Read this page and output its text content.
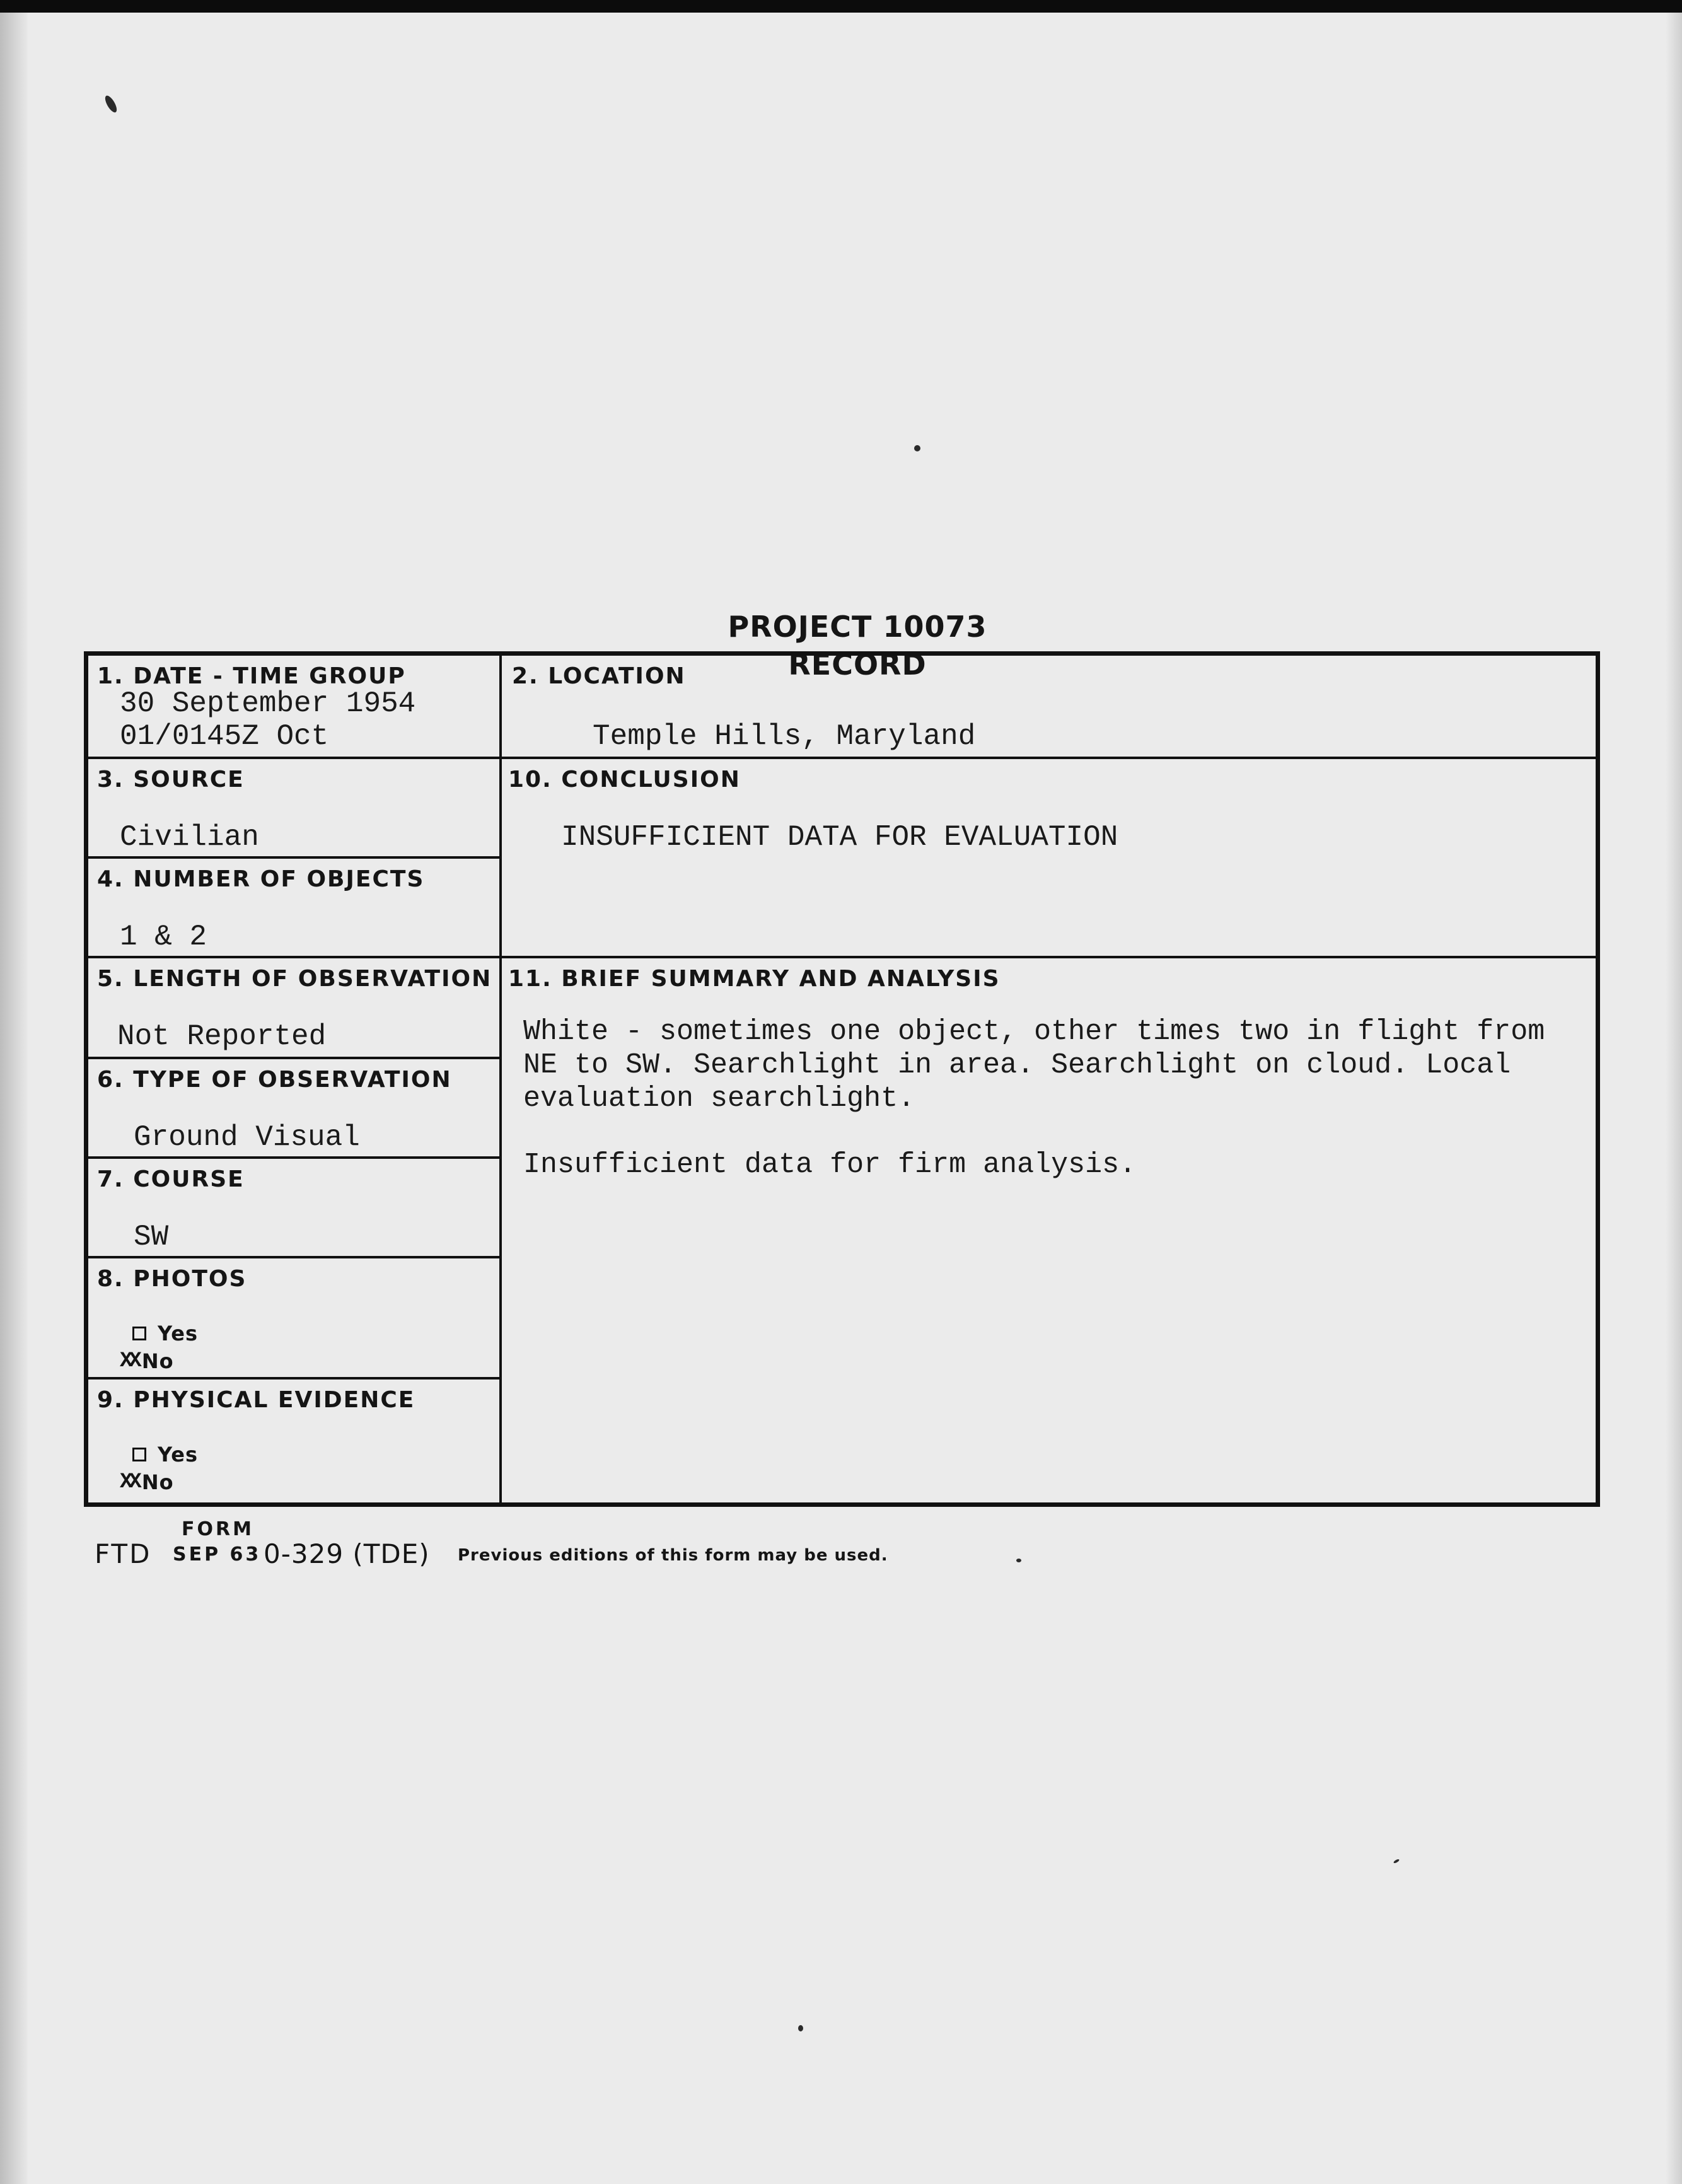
PROJECT 10073 RECORD
1. DATE - TIME GROUP
30 September 1954
01/0145Z Oct
2. LOCATION
Temple Hills, Maryland
3. SOURCE
Civilian
10. CONCLUSION
INSUFFICIENT DATA FOR EVALUATION
4. NUMBER OF OBJECTS
1 & 2
5. LENGTH OF OBSERVATION
Not Reported
11. BRIEF SUMMARY AND ANALYSIS

White - sometimes one object, other times two in flight from NE to SW. Searchlight in area. Searchlight on cloud. Local evaluation searchlight.

Insufficient data for firm analysis.

6. TYPE OF OBSERVATION
Ground Visual
7. COURSE
SW
8. PHOTOS
Yes
XX No
9. PHYSICAL EVIDENCE
Yes
XX No
FORM
FTD SEP 63 0-329 (TDE) Previous editions of this form may be used.
